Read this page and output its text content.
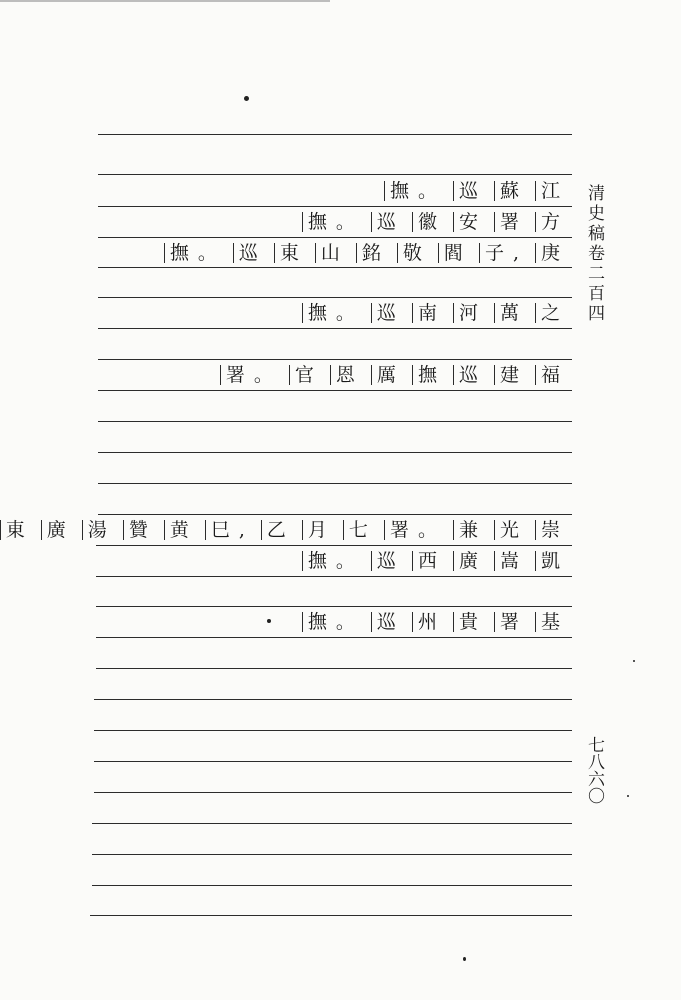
江
蘇
巡
撫。
方
署
安
徽
巡
撫。
庚
子,
閻
敬
銘
山
東
巡
撫。
之
萬
河
南
巡
撫。
福
建
巡
撫
厲
恩
官
署。
崇
光
兼
署。
七
月
乙
巳,
黄
贊
湯
廣
東
凱
嵩
廣
西
巡
撫。
基
署
貴
州
巡
撫。
清史稿卷二百四
七八六〇
